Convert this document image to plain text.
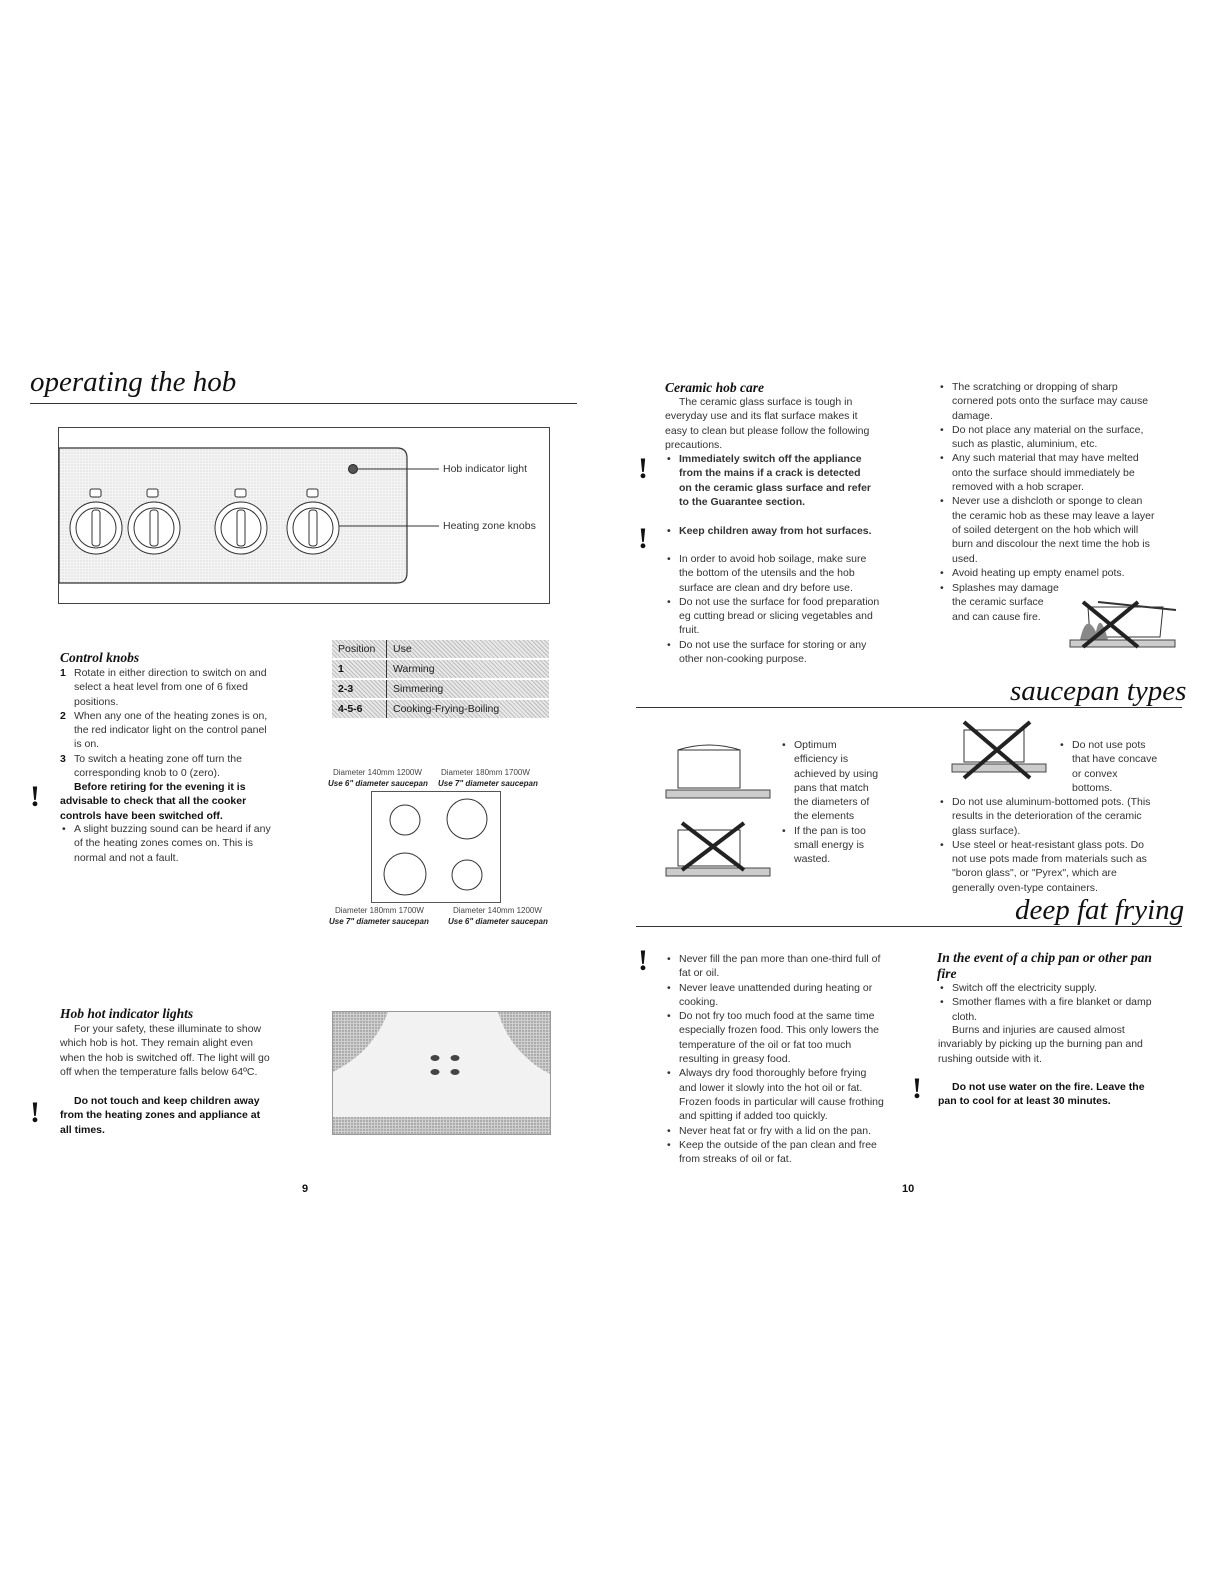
operating the hob
Hob indicator light
Heating zone knobs
Control knobs
1 Rotate in either direction to switch on and select a heat level from one of 6 fixed positions.
2 When any one of the heating zones is on, the red indicator light on the control panel is on.
3 To switch a heating zone off turn the corresponding knob to 0 (zero).
!	Before retiring for the evening it is advisable to check that all the cooker controls have been switched off.
• A slight buzzing sound can be heard if any of the heating zones comes on. This is normal and not a fault.
Position	Use
1	Warming
2-3	Simmering
4-5-6	Cooking-Frying-Boiling
Diameter 140mm 1200W Diameter 180mm 1700W
Use 6" diameter saucepan Use 7" diameter saucepan
Diameter 180mm 1700W	Diameter 140mm 1200W
Use 7" diameter saucepan Use 6" diameter saucepan
Hob hot indicator lights
For your safety, these illuminate to show which hob is hot. They remain alight even when the hob is switched off. The light will go off when the temperature falls below 64ºC.
!	Do not touch and keep children away from the heating zones and appliance at all times.
9
Ceramic hob care
The ceramic glass surface is tough in everyday use and its flat surface makes it easy to clean but please follow the following precautions.
!	• Immediately switch off the appliance from the mains if a crack is detected on the ceramic glass surface and refer to the Guarantee section.
!	• Keep children away from hot surfaces.
• In order to avoid hob soilage, make sure the bottom of the utensils and the hob surface are clean and dry before use.
• Do not use the surface for food preparation eg cutting bread or slicing vegetables and fruit.
• Do not use the surface for storing or any other non-cooking purpose.
• The scratching or dropping of sharp cornered pots onto the surface may cause damage.
• Do not place any material on the surface, such as plastic, aluminium, etc.
• Any such material that may have melted onto the surface should immediately be removed with a hob scraper.
• Never use a dishcloth or sponge to clean the ceramic hob as these may leave a layer of soiled detergent on the hob which will burn and discolour the next time the hob is used.
• Avoid heating up empty enamel pots.
• Splashes may damage the ceramic surface and can cause fire.
saucepan types
• Optimum efficiency is achieved by using pans that match the diameters of the elements
• If the pan is too small energy is wasted.
• Do not use pots that have concave or convex bottoms.
• Do not use aluminum-bottomed pots. (This results in the deterioration of the ceramic glass surface).
• Use steel or heat-resistant glass pots. Do not use pots made from materials such as "boron glass", or "Pyrex", which are generally oven-type containers.
deep fat frying
!	• Never fill the pan more than one-third full of fat or oil.
• Never leave unattended during heating or cooking.
• Do not fry too much food at the same time especially frozen food. This only lowers the temperature of the oil or fat too much resulting in greasy food.
• Always dry food thoroughly before frying and lower it slowly into the hot oil or fat. Frozen foods in particular will cause frothing and spitting if added too quickly.
• Never heat fat or fry with a lid on the pan.
• Keep the outside of the pan clean and free from streaks of oil or fat.
In the event of a chip pan or other pan fire
• Switch off the electricity supply.
• Smother flames with a fire blanket or damp cloth.
Burns and injuries are caused almost invariably by picking up the burning pan and rushing outside with it.
!	Do not use water on the fire. Leave the pan to cool for at least 30 minutes.
10
